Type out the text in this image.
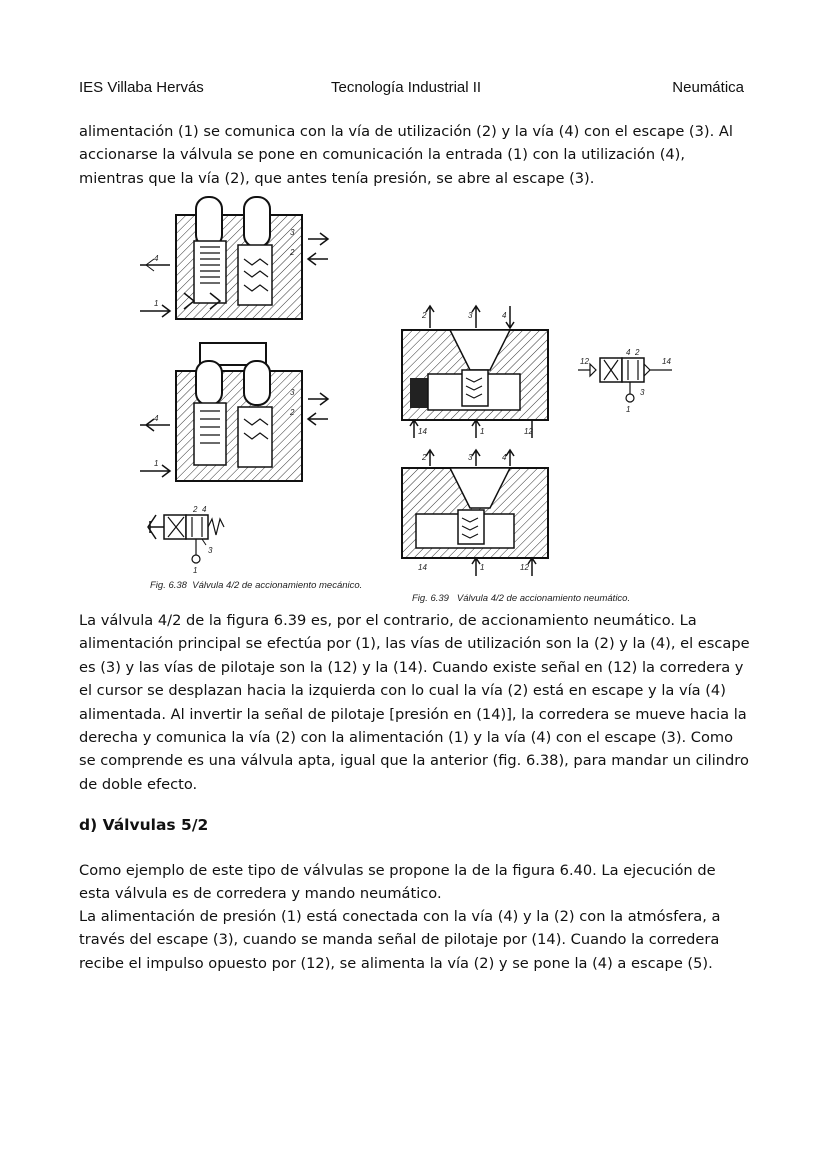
IES Villaba Hervás	Tecnología Industrial II	Neumática

alimentación (1) se comunica con la vía de utilización (2) y la vía (4) con el escape (3). Al accionarse la válvula se pone en comunicación la entrada (1) con la utilización (4), mientras que la vía (2), que antes tenía presión, se abre al escape (3).

4
1
3
2
4
1
3
2
2 4
1
3
Fig. 6.38 Válvula 4/2 de accionamiento mecánico.
2	3	4
14	1	12
2	3	4
14	1	12
12
4 2
14
1
3
Fig. 6.39 Válvula 4/2 de accionamiento neumático.

La válvula 4/2 de la figura 6.39 es, por el contrario, de accionamiento neumático. La alimentación principal se efectúa por (1), las vías de utilización son la (2) y la (4), el escape es (3) y las vías de pilotaje son la (12) y la (14). Cuando existe señal en (12) la corredera y el cursor se desplazan hacia la izquierda con lo cual la vía (2) está en escape y la vía (4) alimentada. Al invertir la señal de pilotaje [presión en (14)], la corredera se mueve hacia la derecha y comunica la vía (2) con la alimentación (1) y la vía (4) con el escape (3). Como se comprende es una válvula apta, igual que la anterior (fig. 6.38), para mandar un cilindro de doble efecto.

d) Válvulas 5/2

Como ejemplo de este tipo de válvulas se propone la de la figura 6.40. La ejecución de esta válvula es de corredera y mando neumático.

La alimentación de presión (1) está conectada con la vía (4) y la (2) con la atmósfera, a través del escape (3), cuando se manda señal de pilotaje por (14). Cuando la corredera recibe el impulso opuesto por (12), se alimenta la vía (2) y se pone la (4) a escape (5).
